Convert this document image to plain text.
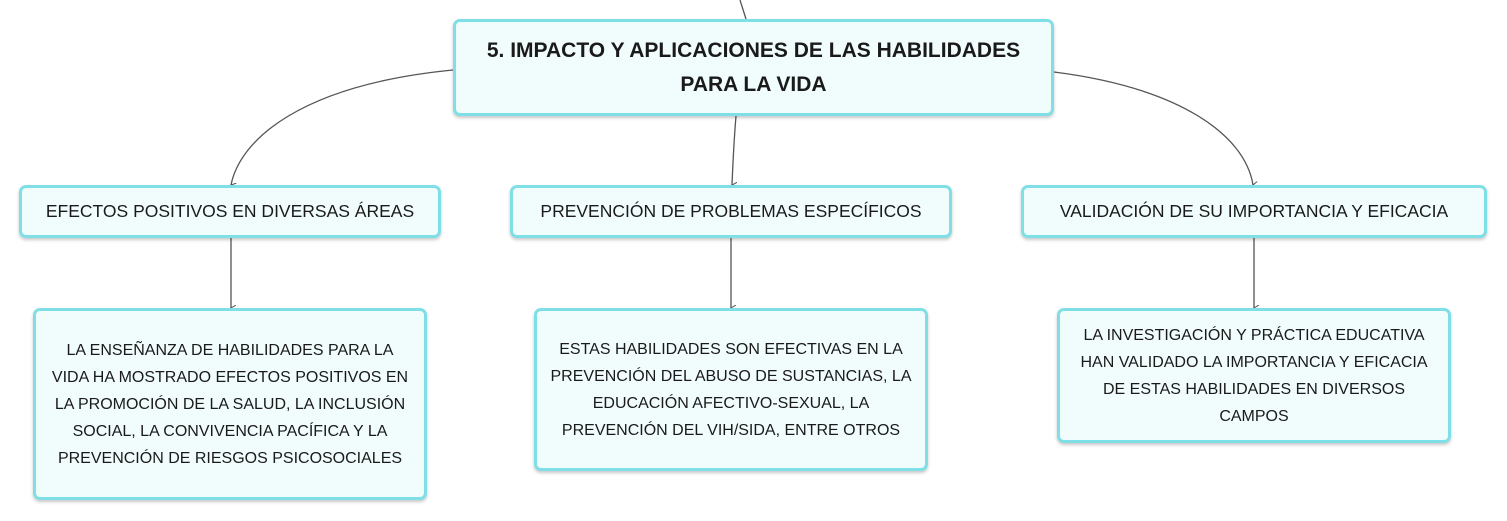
5. IMPACTO Y APLICACIONES DE LAS HABILIDADES
PARA LA VIDA
EFECTOS POSITIVOS EN DIVERSAS ÁREAS	PREVENCIÓN DE PROBLEMAS ESPECÍFICOS	VALIDACIÓN DE SU IMPORTANCIA Y EFICACIA
LA ENSEÑANZA DE HABILIDADES PARA LA
VIDA HA MOSTRADO EFECTOS POSITIVOS EN
LA PROMOCIÓN DE LA SALUD, LA INCLUSIÓN
SOCIAL, LA CONVIVENCIA PACÍFICA Y LA
PREVENCIÓN DE RIESGOS PSICOSOCIALES
ESTAS HABILIDADES SON EFECTIVAS EN LA
PREVENCIÓN DEL ABUSO DE SUSTANCIAS, LA
EDUCACIÓN AFECTIVO-SEXUAL, LA
PREVENCIÓN DEL VIH/SIDA, ENTRE OTROS
LA INVESTIGACIÓN Y PRÁCTICA EDUCATIVA
HAN VALIDADO LA IMPORTANCIA Y EFICACIA
DE ESTAS HABILIDADES EN DIVERSOS
CAMPOS
